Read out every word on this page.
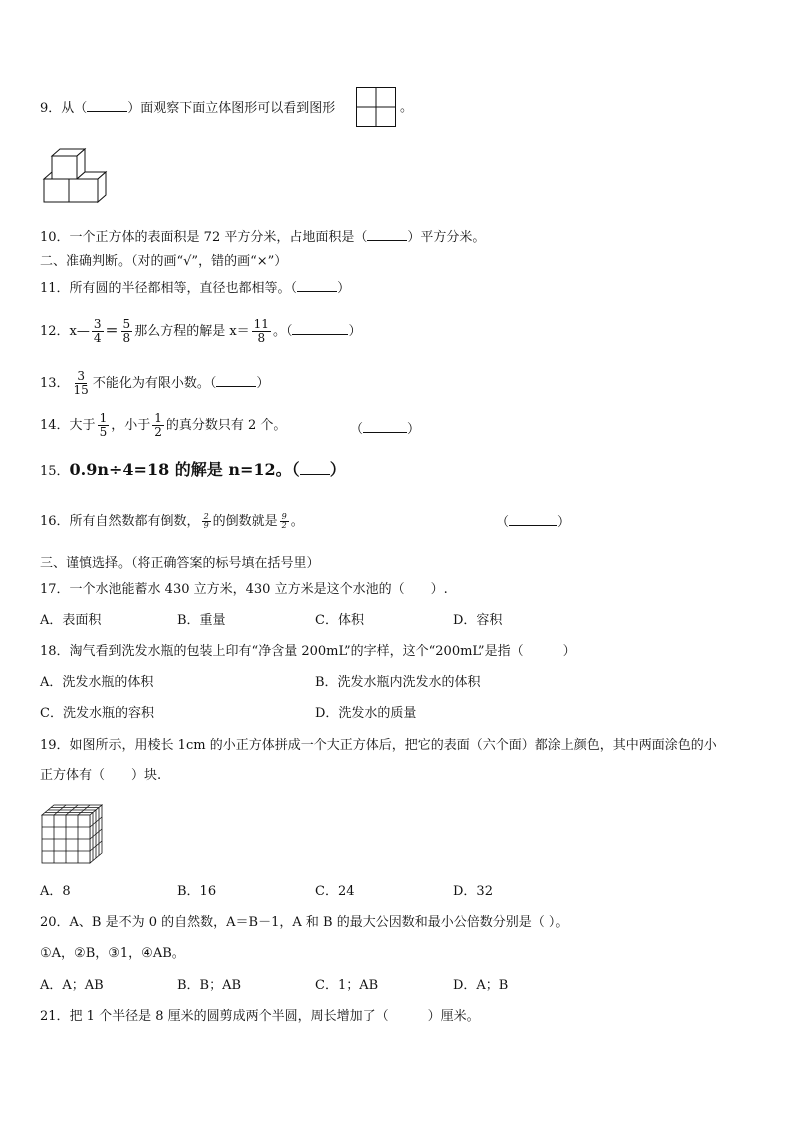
9．从（	）面观察下面立体图形可以看到图形	。
10．一个正方体的表面积是 72 平方分米，占地面积是（	）平方分米。
二、准确判断。（对的画“√”，错的画“×”）
11．所有圆的半径都相等，直径也都相等。（	）
12．x— $\frac{3}{4} = \frac{5}{8}$ 那么方程的解是 $x= \frac{11}{8}$ 。（	）
13． $\frac{3}{15}$ 不能化为有限小数。（	）
14．大于 $\frac{1}{5}$ ，小于 $\frac{1}{2}$ 的真分数只有 2 个。	（	）
15．0.9n÷4=18 的解是 n=12。（ ）
16．所有自然数都有倒数， $\frac{2}{9}$ 的倒数就是 $\frac{9}{2}$ 。	（	）
三、谨慎选择。（将正确答案的标号填在括号里）
17．一个水池能蓄水 430 立方米，430 立方米是这个水池的（　　）.
A．表面积	B．重量	C．体积	D．容积
18．淘气看到洗发水瓶的包装上印有“净含量 200mL”的字样，这个“200mL”是指（　　　）
A．洗发水瓶的体积	B．洗发水瓶内洗发水的体积
C．洗发水瓶的容积	D．洗发水的质量
19．如图所示，用棱长 1cm 的小正方体拼成一个大正方体后，把它的表面（六个面）都涂上颜色，其中两面涂色的小
正方体有（　　）块.
A．8	B．16	C．24	D．32
20．A、B 是不为 0 的自然数，A＝B－1，A 和 B 的最大公因数和最小公倍数分别是（ ）。
①A，②B，③1，④AB。
A．A；AB	B．B；AB	C．1；AB	D．A；B
21．把 1 个半径是 8 厘米的圆剪成两个半圆，周长增加了（　　　）厘米。
